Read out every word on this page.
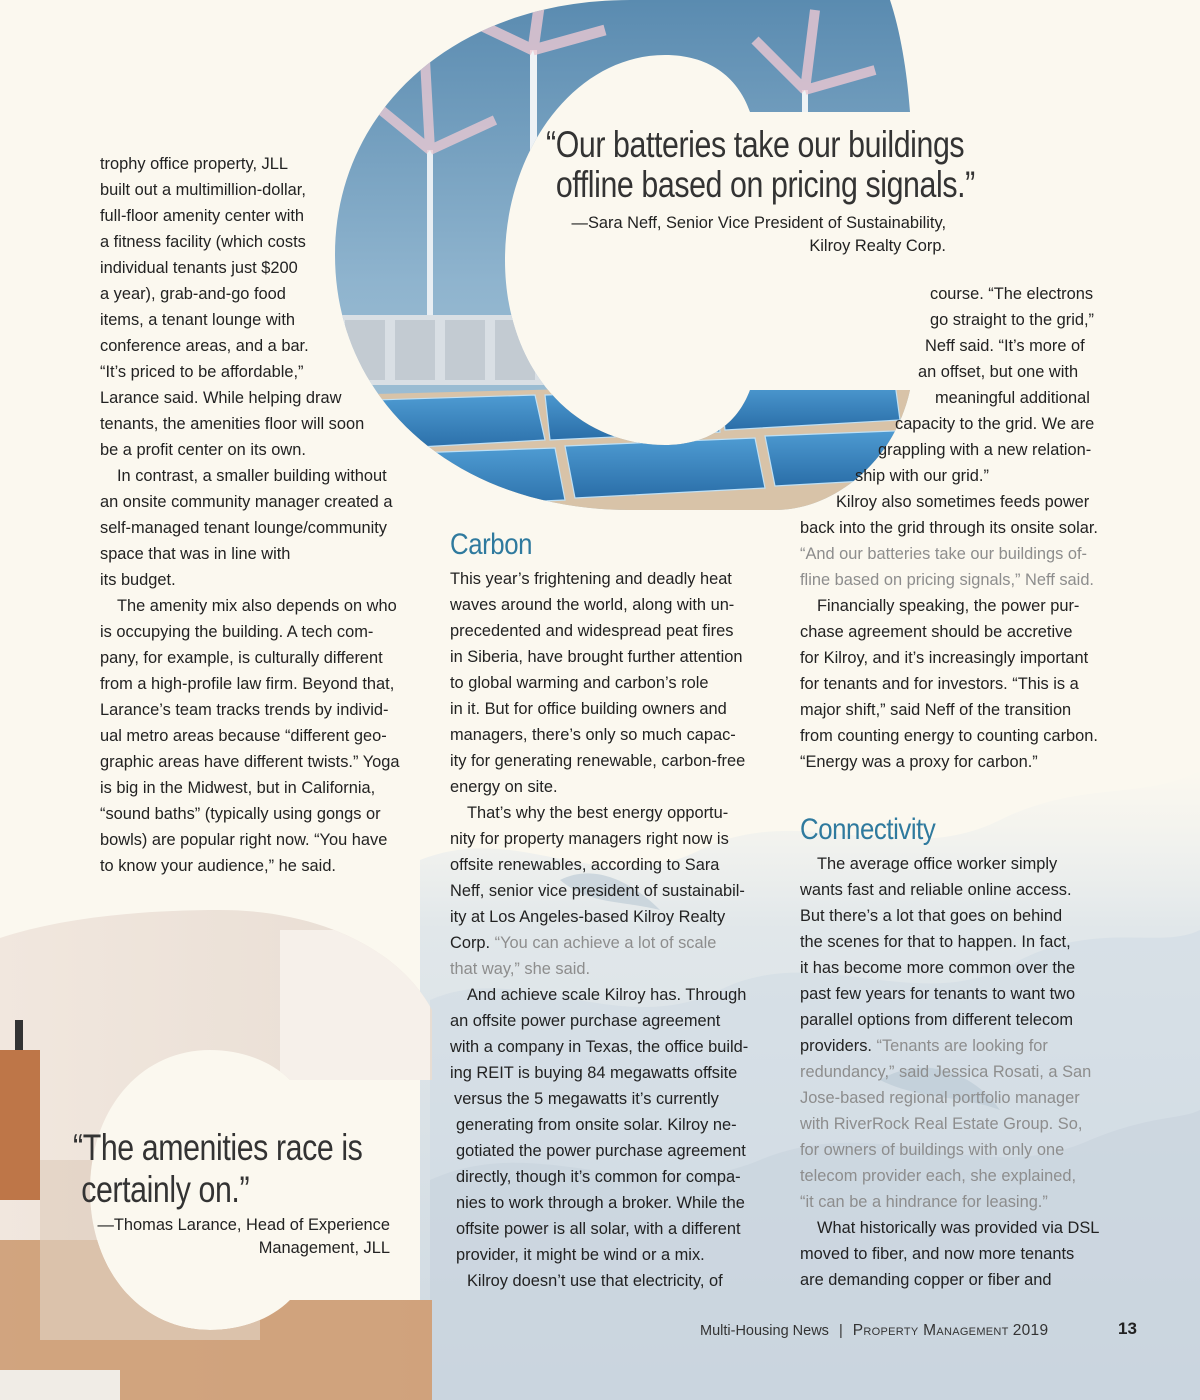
“Our batteries take our buildings
offline based on pricing signals.”
—Sara Neff, Senior Vice President of Sustainability,
Kilroy Realty Corp.
“The amenities race is
certainly on.”
—Thomas Larance, Head of Experience
Management, JLL
trophy office property, JLL
built out a multimillion-dollar,
full-floor amenity center with
a fitness facility (which costs
individual tenants just $200
a year), grab-and-go food
items, a tenant lounge with
conference areas, and a bar.
“It’s priced to be affordable,”
Larance said. While helping draw
tenants, the amenities floor will soon
be a profit center on its own.
In contrast, a smaller building without
an onsite community manager created a
self-managed tenant lounge/community
space that was in line with
its budget.
The amenity mix also depends on who
is occupying the building. A tech com-
pany, for example, is culturally different
from a high-profile law firm. Beyond that,
Larance’s team tracks trends by individ-
ual metro areas because “different geo-
graphic areas have different twists.” Yoga
is big in the Midwest, but in California,
“sound baths” (typically using gongs or
bowls) are popular right now. “You have
to know your audience,” he said.
Carbon
This year’s frightening and deadly heat
waves around the world, along with un-
precedented and widespread peat fires
in Siberia, have brought further attention
to global warming and carbon’s role
in it. But for office building owners and
managers, there’s only so much capac-
ity for generating renewable, carbon-free
energy on site.
That’s why the best energy opportu-
nity for property managers right now is
offsite renewables, according to Sara
Neff, senior vice president of sustainabil-
ity at Los Angeles-based Kilroy Realty
Corp. “You can achieve a lot of scale
that way,” she said.
And achieve scale Kilroy has. Through
an offsite power purchase agreement
with a company in Texas, the office build-
ing REIT is buying 84 megawatts offsite
versus the 5 megawatts it’s currently
generating from onsite solar. Kilroy ne-
gotiated the power purchase agreement
directly, though it’s common for compa-
nies to work through a broker. While the
offsite power is all solar, with a different
provider, it might be wind or a mix.
Kilroy doesn’t use that electricity, of
course. “The electrons
go straight to the grid,”
Neff said. “It’s more of
an offset, but one with
meaningful additional
capacity to the grid. We are
grappling with a new relation-
ship with our grid.”
Kilroy also sometimes feeds power
back into the grid through its onsite solar.
“And our batteries take our buildings of-
fline based on pricing signals,” Neff said.
Financially speaking, the power pur-
chase agreement should be accretive
for Kilroy, and it’s increasingly important
for tenants and for investors. “This is a
major shift,” said Neff of the transition
from counting energy to counting carbon.
“Energy was a proxy for carbon.”
Connectivity
The average office worker simply
wants fast and reliable online access.
But there’s a lot that goes on behind
the scenes for that to happen. In fact,
it has become more common over the
past few years for tenants to want two
parallel options from different telecom
providers. “Tenants are looking for
redundancy,” said Jessica Rosati, a San
Jose-based regional portfolio manager
with RiverRock Real Estate Group. So,
for owners of buildings with only one
telecom provider each, she explained,
“it can be a hindrance for leasing.”
What historically was provided via DSL
moved to fiber, and now more tenants
are demanding copper or fiber and
Multi-Housing News | Property Management 2019	13
